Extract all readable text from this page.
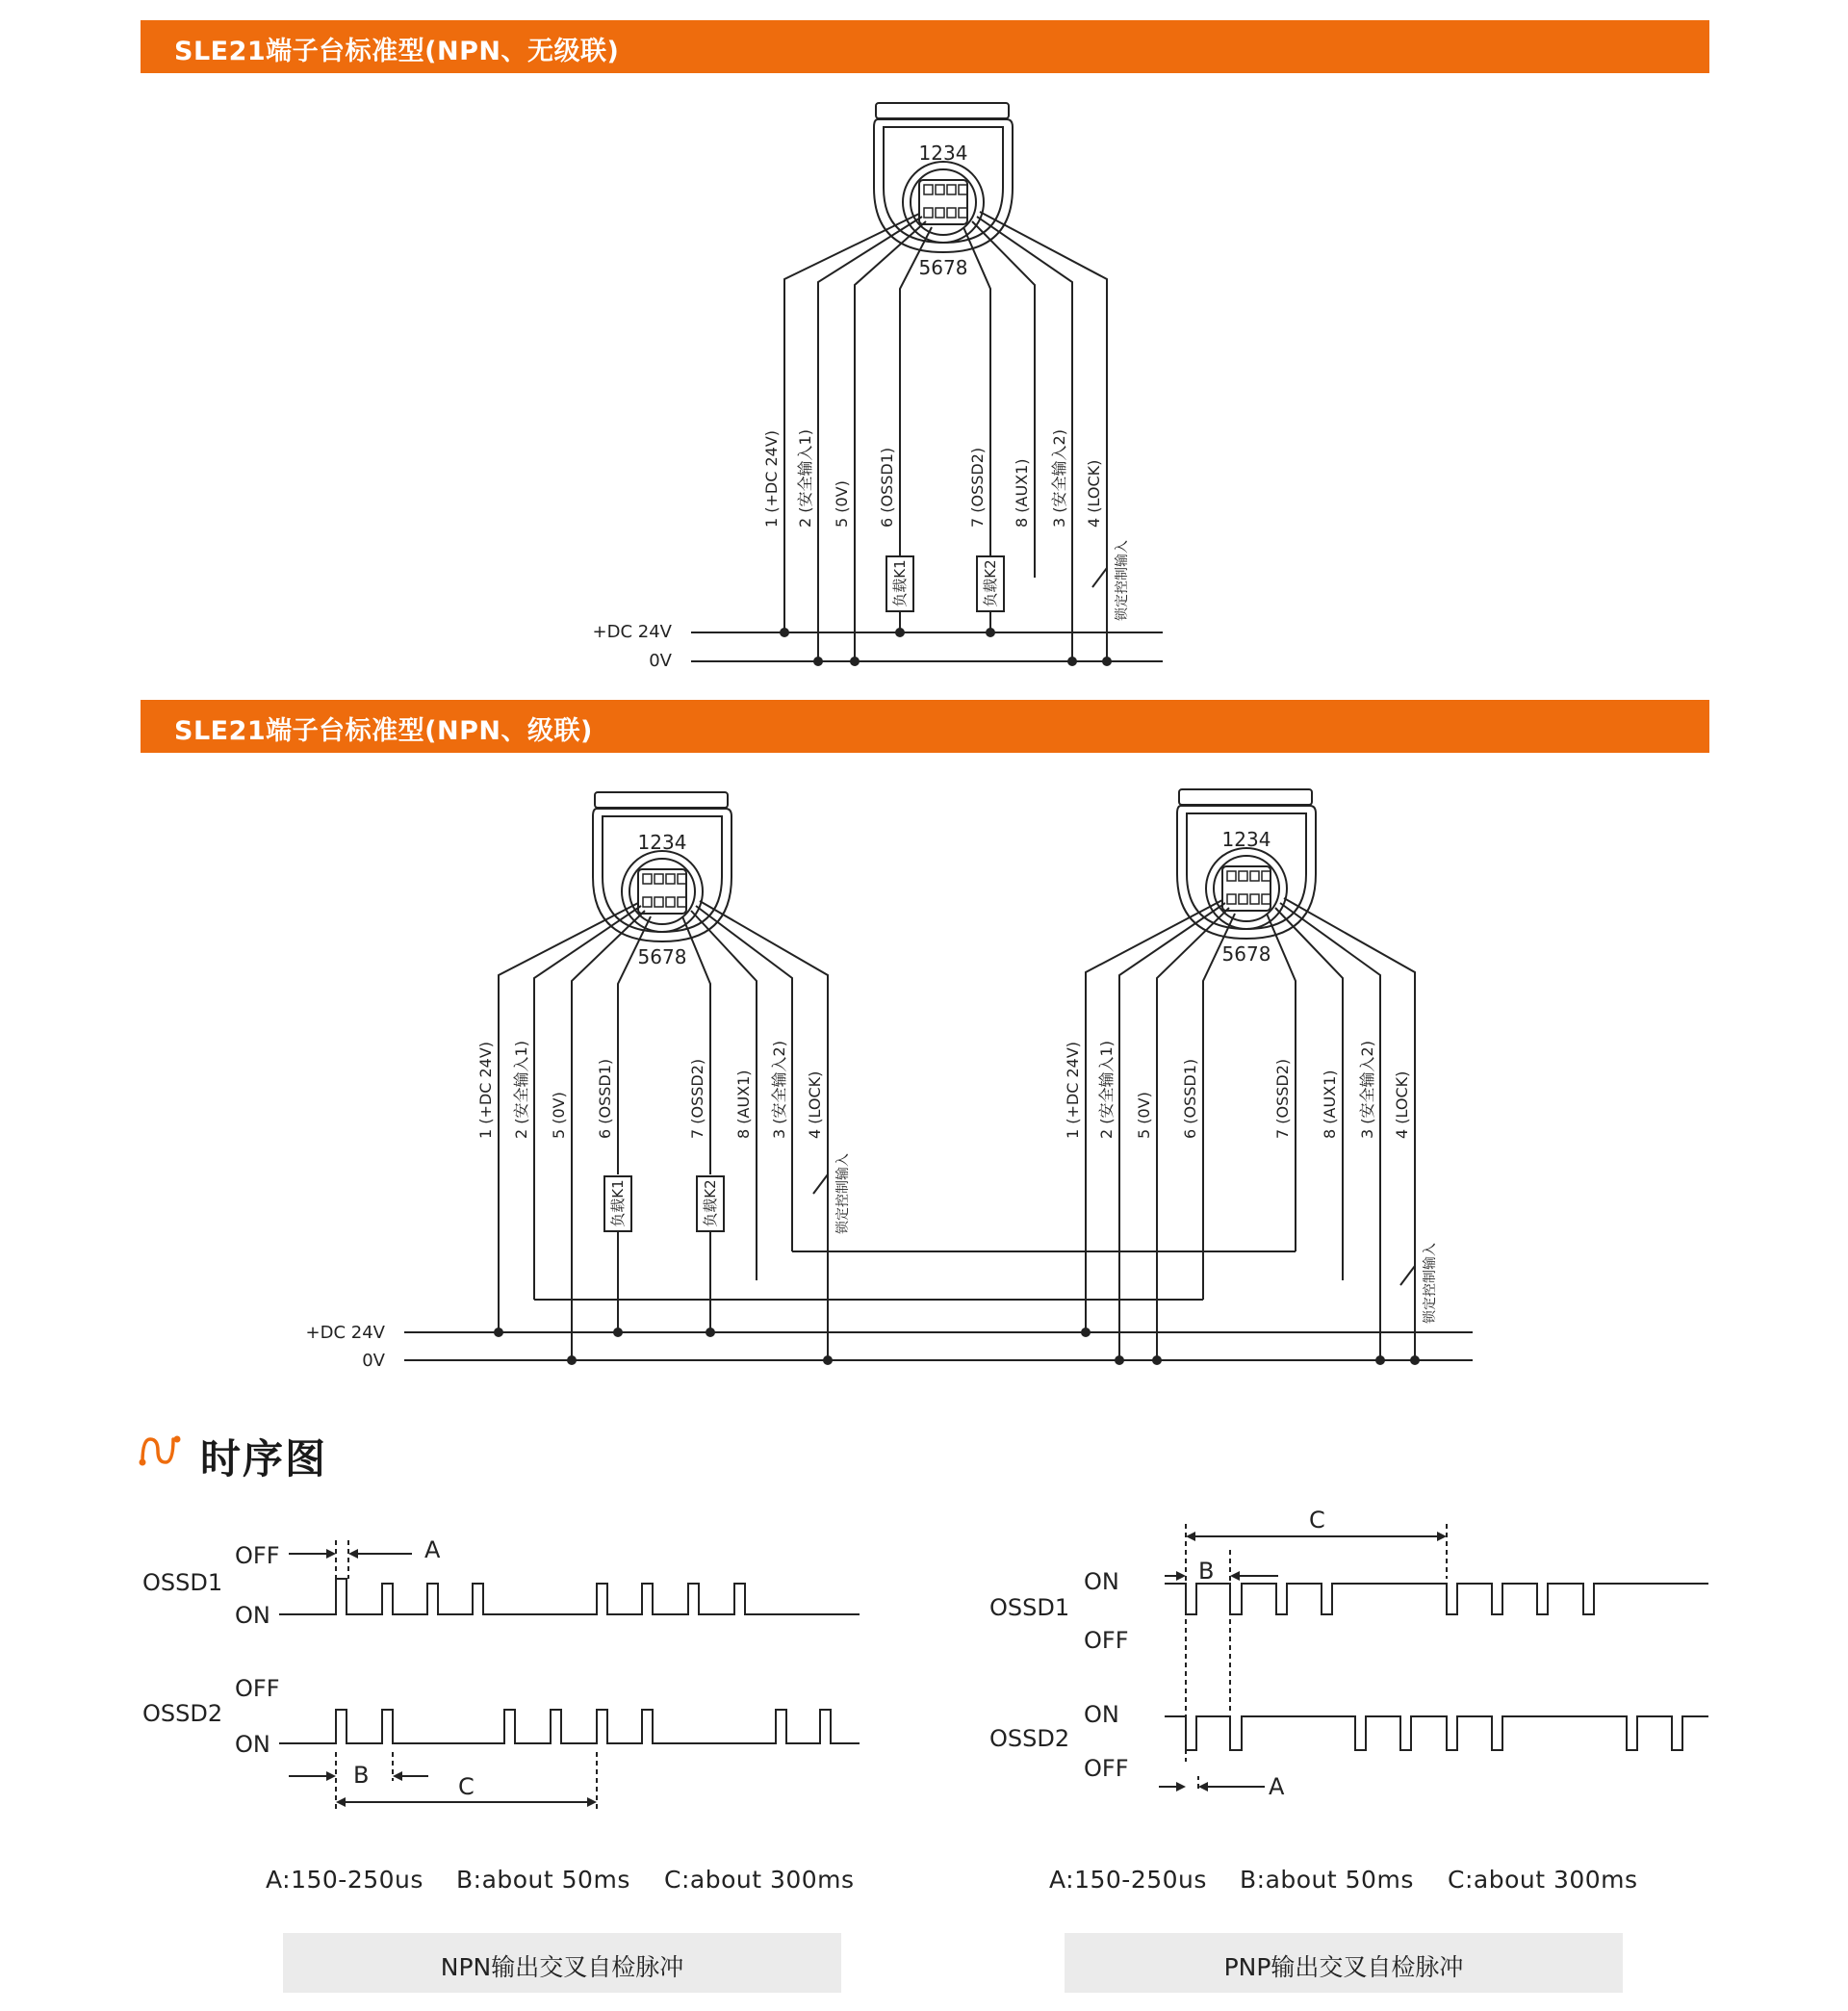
SLE21端子台标准型(NPN、无级联)
SLE21端子台标准型(NPN、级联)
负载K1	负载K2
1234
5678
1 (+DC 24V) 2 (安全输入1) 5 (0V) 6 (OSSD1)	7 (OSSD2) 8 (AUX1) 3 (安全输入2) 4 (LOCK)
锁定控制输入
+DC 24V
0V
负载K1	负载K2
1234
5678
1234
5678
1 (+DC 24V) 2 (安全输入1) 5 (0V) 6 (OSSD1)	7 (OSSD2) 8 (AUX1) 3 (安全输入2) 4 (LOCK)
锁定控制输入
1 (+DC 24V) 2 (安全输入1) 5 (0V) 6 (OSSD1)	7 (OSSD2) 8 (AUX1) 3 (安全输入2) 4 (LOCK)
锁定控制输入
+DC 24V
0V
时序图
OSSD1
OFF
ON
OSSD2
OFF
ON
A
B	C
OSSD1
ON
OFF
OSSD2
ON
OFF
C
B
A
A:150-250us B:about 50ms C:about 300ms	A:150-250us B:about 50ms C:about 300ms
NPN输出交叉自检脉冲	PNP输出交叉自检脉冲
